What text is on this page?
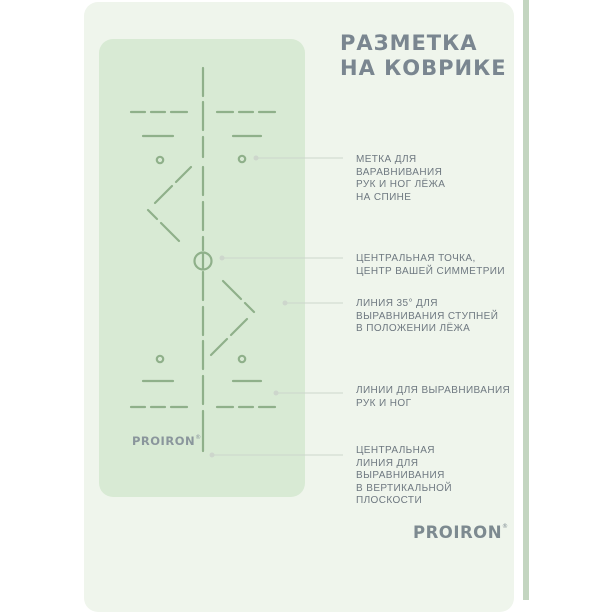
РАЗМЕТКА
НА КОВРИКЕ
PROIRON®
МЕТКА ДЛЯ
ВАРАВНИВАНИЯ
РУК И НОГ ЛЁЖА
НА СПИНЕ
ЦЕНТРАЛЬНАЯ ТОЧКА,
ЦЕНТР ВАШЕЙ СИММЕТРИИ
ЛИНИЯ 35° ДЛЯ
ВЫРАВНИВАНИЯ СТУПНЕЙ
В ПОЛОЖЕНИИ ЛЁЖА
ЛИНИИ ДЛЯ ВЫРАВНИВАНИЯ
РУК И НОГ
ЦЕНТРАЛЬНАЯ
ЛИНИЯ ДЛЯ
ВЫРАВНИВАНИЯ
В ВЕРТИКАЛЬНОЙ
ПЛОСКОСТИ
PROIRON®
